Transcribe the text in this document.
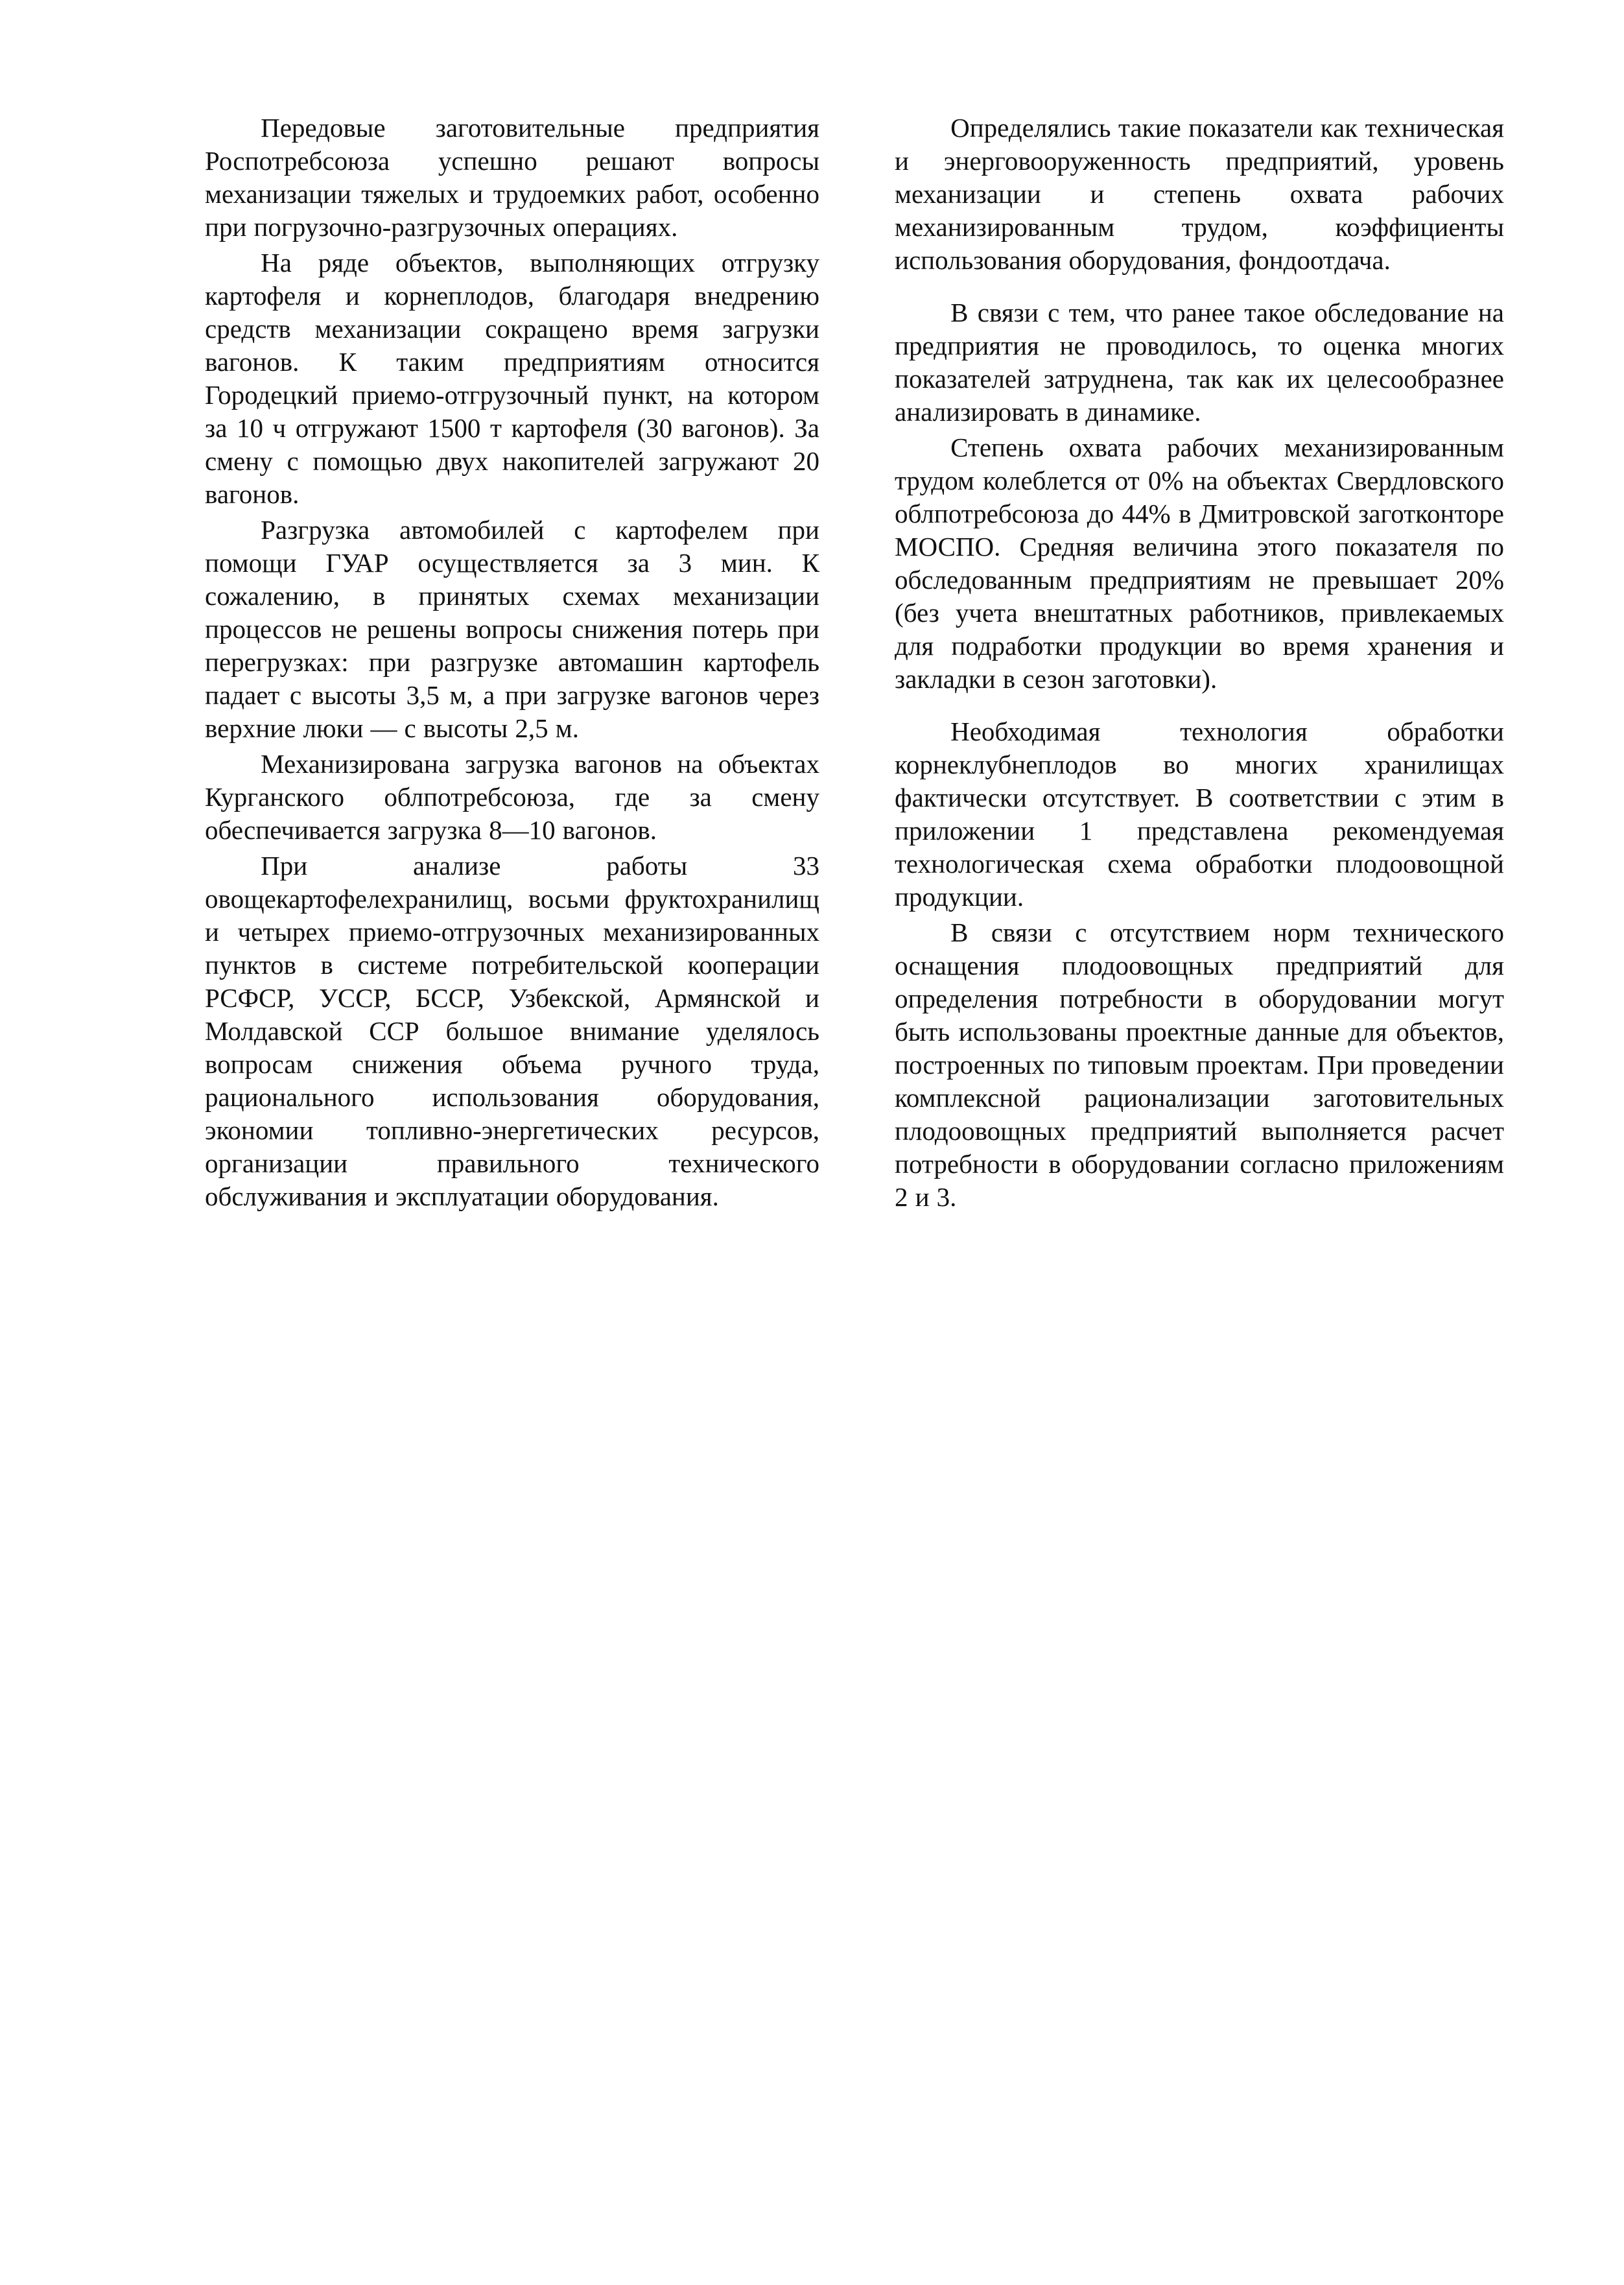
Передовые заготовительные предприятия Роспотребсоюза успешно решают вопросы механизации тяжелых и трудоемких работ, особенно при погрузочно-разгрузочных операциях.

На ряде объектов, выполняющих отгрузку картофеля и корнеплодов, благодаря внедрению средств механизации сокращено время загрузки вагонов. К таким предприятиям относится Городецкий приемо-отгрузочный пункт, на котором за 10 ч отгружают 1500 т картофеля (30 вагонов). За смену с помощью двух накопителей загружают 20 вагонов.

Разгрузка автомобилей с картофелем при помощи ГУАР осуществляется за 3 мин. К сожалению, в принятых схемах механизации процессов не решены вопросы снижения потерь при перегрузках: при разгрузке автомашин картофель падает с высоты 3,5 м, а при загрузке вагонов через верхние люки — с высоты 2,5 м.

Механизирована загрузка вагонов на объектах Курганского облпотребсоюза, где за смену обеспечивается загрузка 8—10 вагонов.

При анализе работы 33 овощекартофелехранилищ, восьми фруктохранилищ и четырех приемо-отгрузочных механизированных пунктов в системе потребительской кооперации РСФСР, УССР, БССР, Узбекской, Армянской и Молдавской ССР большое внимание уделялось вопросам снижения объема ручного труда, рационального использования оборудования, экономии топливно-энергетических ресурсов, организации правильного технического обслуживания и эксплуатации оборудования.

Определялись такие показатели как техническая и энерговооруженность предприятий, уровень механизации и степень охвата рабочих механизированным трудом, коэффициенты использования оборудования, фондоотдача.

В связи с тем, что ранее такое обследование на предприятия не проводилось, то оценка многих показателей затруднена, так как их целесообразнее анализировать в динамике.

Степень охвата рабочих механизированным трудом колеблется от 0% на объектах Свердловского облпотребсоюза до 44% в Дмитровской заготконторе МОСПО. Средняя величина этого показателя по обследованным предприятиям не превышает 20% (без учета внештатных работников, привлекаемых для подработки продукции во время хранения и закладки в сезон заготовки).

Необходимая технология обработки корнеклубнеплодов во многих хранилищах фактически отсутствует. В соответствии с этим в приложении 1 представлена рекомендуемая технологическая схема обработки плодоовощной продукции.

В связи с отсутствием норм технического оснащения плодоовощных предприятий для определения потребности в оборудовании могут быть использованы проектные данные для объектов, построенных по типовым проектам. При проведении комплексной рационализации заготовительных плодоовощных предприятий выполняется расчет потребности в оборудовании согласно приложениям 2 и 3.
